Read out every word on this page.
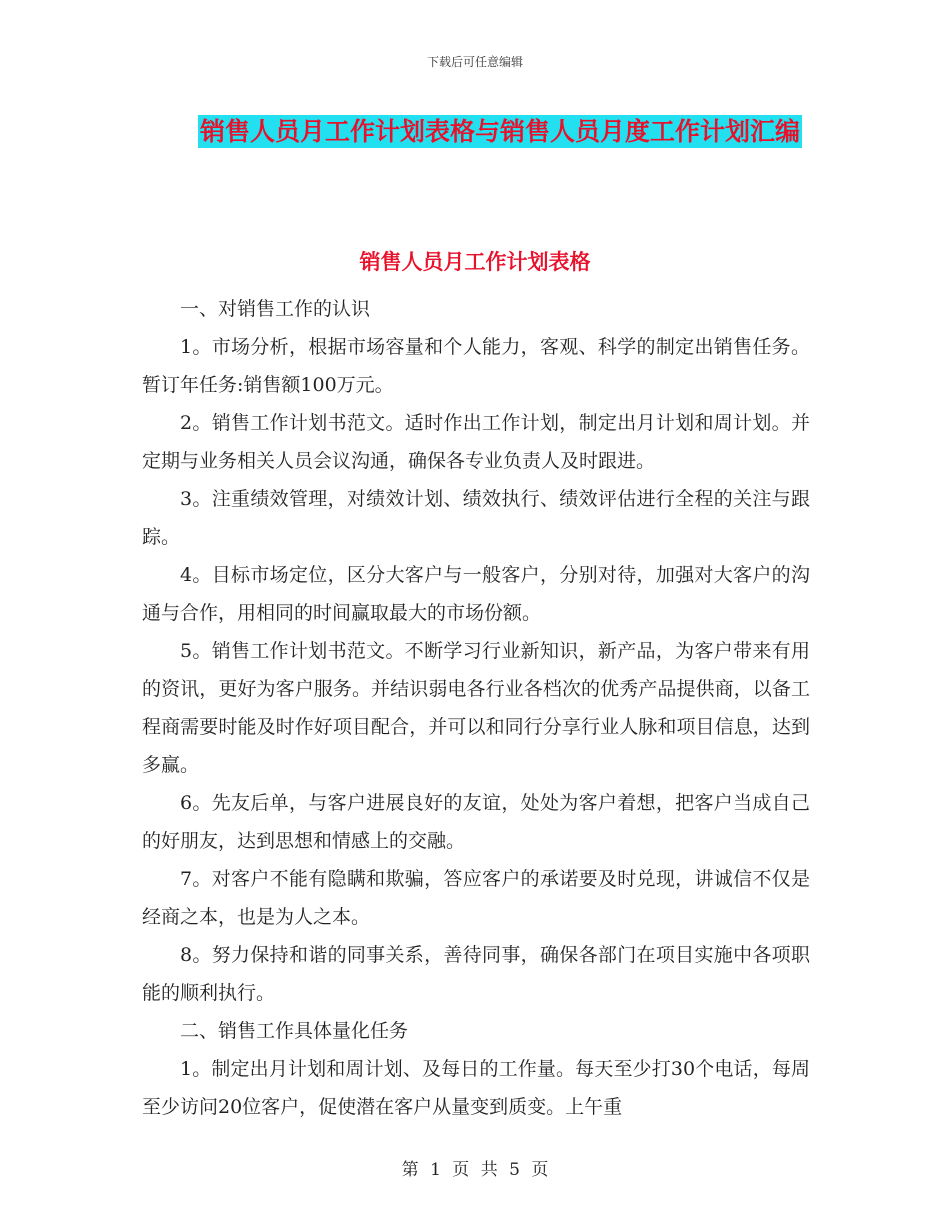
下载后可任意编辑
销售人员月工作计划表格与销售人员月度工作计划汇编
销售人员月工作计划表格

一、对销售工作的认识

1。市场分析，根据市场容量和个人能力，客观、科学的制定出销售任务。暂订年任务:销售额100万元。

2。销售工作计划书范文。适时作出工作计划，制定出月计划和周计划。并定期与业务相关人员会议沟通，确保各专业负责人及时跟进。

3。注重绩效管理，对绩效计划、绩效执行、绩效评估进行全程的关注与跟踪。

4。目标市场定位，区分大客户与一般客户，分别对待，加强对大客户的沟通与合作，用相同的时间赢取最大的市场份额。

5。销售工作计划书范文。不断学习行业新知识，新产品，为客户带来有用的资讯，更好为客户服务。并结识弱电各行业各档次的优秀产品提供商，以备工程商需要时能及时作好项目配合，并可以和同行分享行业人脉和项目信息，达到多赢。

6。先友后单，与客户进展良好的友谊，处处为客户着想，把客户当成自己的好朋友，达到思想和情感上的交融。

7。对客户不能有隐瞒和欺骗，答应客户的承诺要及时兑现，讲诚信不仅是经商之本，也是为人之本。

8。努力保持和谐的同事关系，善待同事，确保各部门在项目实施中各项职能的顺利执行。

二、销售工作具体量化任务

1。制定出月计划和周计划、及每日的工作量。每天至少打30个电话，每周至少访问20位客户，促使潜在客户从量变到质变。上午重

第 1 页 共 5 页
